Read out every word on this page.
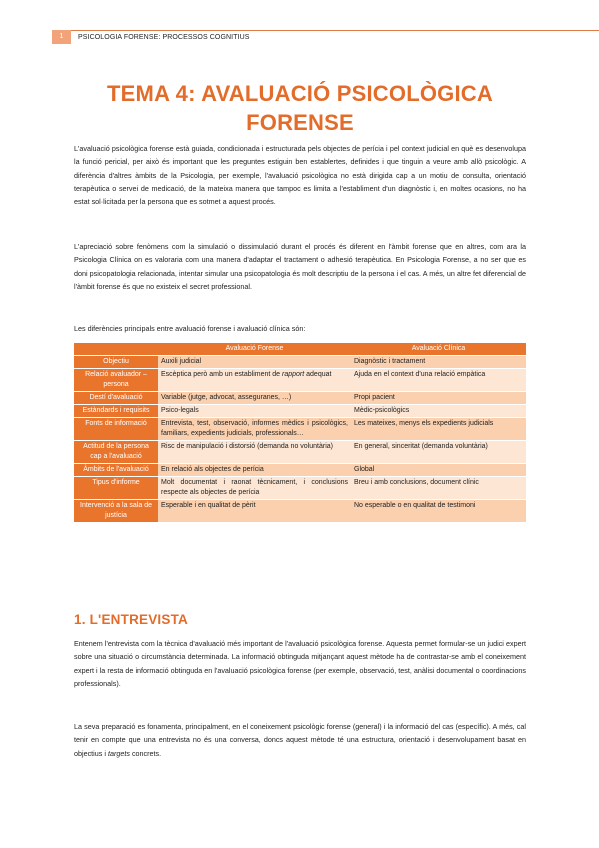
1	PSICOLOGIA FORENSE: PROCESSOS COGNITIUS
TEMA 4: AVALUACIÓ PSICOLÒGICA
FORENSE

L'avaluació psicològica forense està guiada, condicionada i estructurada pels objectes de perícia i pel context judicial en què es desenvolupa la funció pericial, per això és important que les preguntes estiguin ben establertes, definides i que tinguin a veure amb allò psicològic. A diferència d'altres àmbits de la Psicologia, per exemple, l'avaluació psicològica no està dirigida cap a un motiu de consulta, orientació terapèutica o servei de medicació, de la mateixa manera que tampoc es limita a l'establiment d'un diagnòstic i, en moltes ocasions, no ha estat sol·licitada per la persona que es sotmet a aquest procés.

L'apreciació sobre fenòmens com la simulació o dissimulació durant el procés és diferent en l'àmbit forense que en altres, com ara la Psicologia Clínica on es valoraria com una manera d'adaptar el tractament o adhesió terapèutica. En Psicologia Forense, a no ser que es doni psicopatologia relacionada, intentar simular una psicopatologia és molt descriptiu de la persona i el cas. A més, un altre fet diferencial de l'àmbit forense és que no existeix el secret professional.

Les diferències principals entre avaluació forense i avaluació clínica són:

	Avaluació Forense	Avaluació Clínica
Objectiu	Auxili judicial	Diagnòstic i tractament
Relació avaluador – persona	Escèptica però amb un establiment de rapport adequat	Ajuda en el context d'una relació empàtica
Destí d'avaluació	Variable (jutge, advocat, asseguranes, …)	Propi pacient
Estàndards i requisits	Psico-legals	Mèdic-psicològics
Fonts de informació	Entrevista, test, observació, informes mèdics i psicològics, familiars, expedients judicials, professionals…	Les mateixes, menys els expedients judicials
Actitud de la persona cap a l'avaluació	Risc de manipulació i distorsió (demanda no voluntària)	En general, sinceritat (demanda voluntària)
Àmbits de l'avaluació	En relació als objectes de perícia	Global
Tipus d'informe	Molt documentat i raonat tècnicament, i conclusions respecte als objectes de perícia	Breu i amb conclusions, document clínic
Intervenció a la sala de justícia	Esperable i en qualitat de pèrit	No esperable o en qualitat de testimoni
1. L'ENTREVISTA

Entenem l'entrevista com la tècnica d'avaluació més important de l'avaluació psicològica forense. Aquesta permet formular-se un judici expert sobre una situació o circumstància determinada. La informació obtinguda mitjançant aquest mètode ha de contrastar-se amb el coneixement expert i la resta de informació obtinguda en l'avaluació psicològica forense (per exemple, observació, test, anàlisi documental o coordinacions professionals).

La seva preparació es fonamenta, principalment, en el coneixement psicològic forense (general) i la informació del cas (específic). A més, cal tenir en compte que una entrevista no és una conversa, doncs aquest mètode té una estructura, orientació i desenvolupament basat en objectius i targets concrets.
